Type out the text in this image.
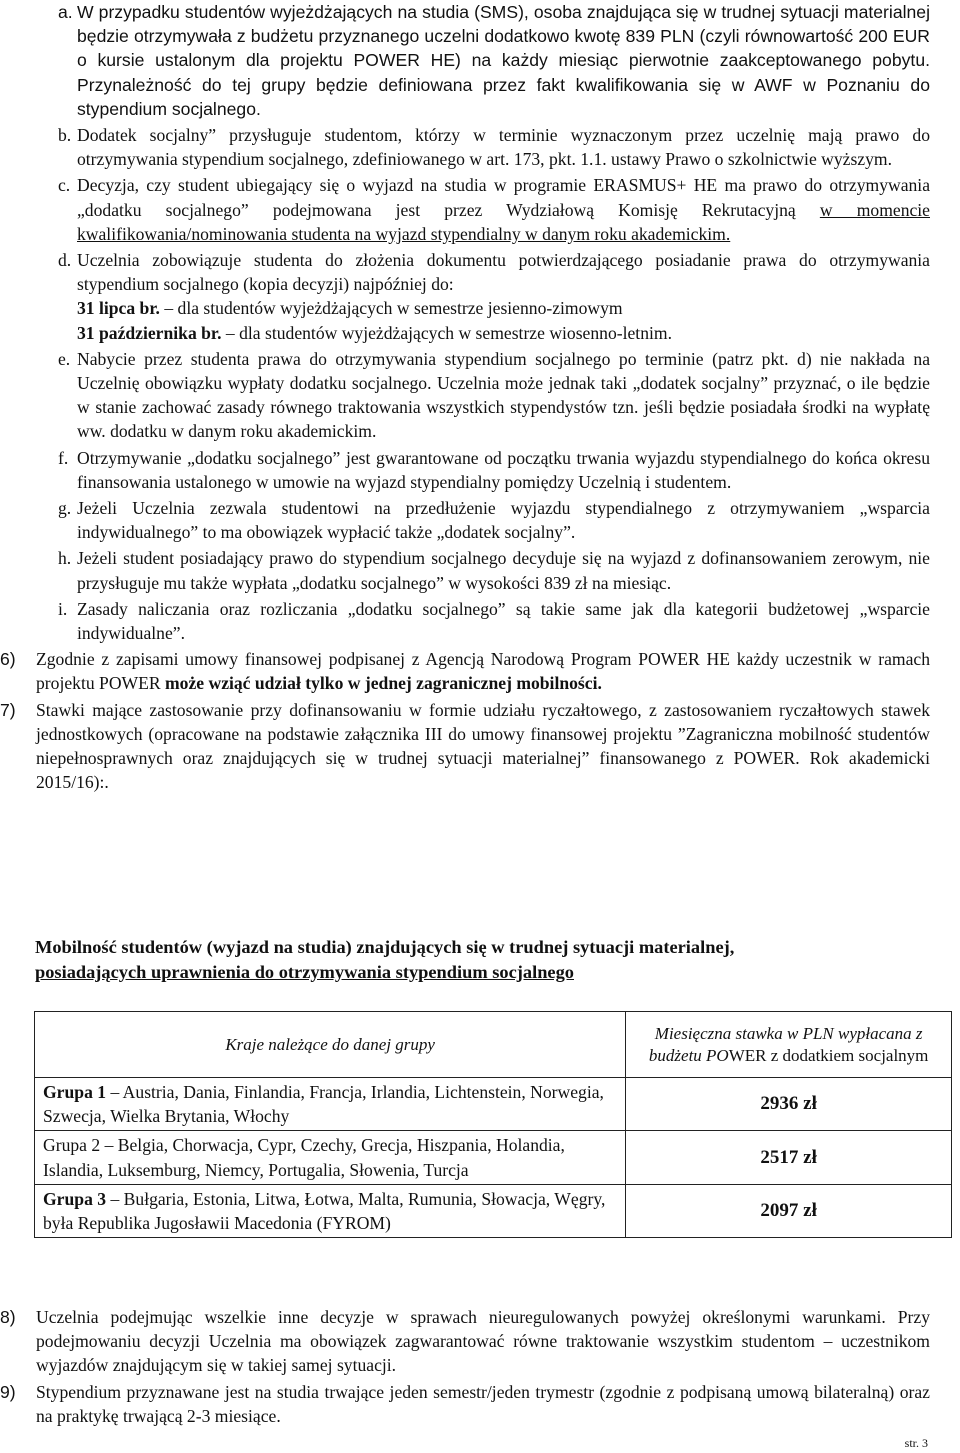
a. W przypadku studentów wyjeżdżających na studia (SMS), osoba znajdująca się w trudnej sytuacji materialnej będzie otrzymywała z budżetu przyznanego uczelni dodatkowo kwotę 839 PLN (czyli równowartość 200 EUR o kursie ustalonym dla projektu POWER HE) na każdy miesiąc pierwotnie zaakceptowanego pobytu. Przynależność do tej grupy będzie definiowana przez fakt kwalifikowania się w AWF w Poznaniu do stypendium socjalnego.

b. Dodatek socjalny” przysługuje studentom, którzy w terminie wyznaczonym przez uczelnię mają prawo do otrzymywania stypendium socjalnego, zdefiniowanego w art. 173, pkt. 1.1. ustawy Prawo o szkolnictwie wyższym.

c. Decyzja, czy student ubiegający się o wyjazd na studia w programie ERASMUS+ HE ma prawo do otrzymywania „dodatku socjalnego” podejmowana jest przez Wydziałową Komisję Rekrutacyjną w momencie kwalifikowania/nominowania studenta na wyjazd stypendialny w danym roku akademickim.

d. Uczelnia zobowiązuje studenta do złożenia dokumentu potwierdzającego posiadanie prawa do otrzymywania stypendium socjalnego (kopia decyzji) najpóźniej do:
31 lipca br. – dla studentów wyjeżdżających w semestrze jesienno-zimowym
31 października br. – dla studentów wyjeżdżających w semestrze wiosenno-letnim.

e. Nabycie przez studenta prawa do otrzymywania stypendium socjalnego po terminie (patrz pkt. d) nie nakłada na Uczelnię obowiązku wypłaty dodatku socjalnego. Uczelnia może jednak taki „dodatek socjalny” przyznać, o ile będzie w stanie zachować zasady równego traktowania wszystkich stypendystów tzn. jeśli będzie posiadała środki na wypłatę ww. dodatku w danym roku akademickim.

f. Otrzymywanie „dodatku socjalnego” jest gwarantowane od początku trwania wyjazdu stypendialnego do końca okresu finansowania ustalonego w umowie na wyjazd stypendialny pomiędzy Uczelnią i studentem.

g. Jeżeli Uczelnia zezwala studentowi na przedłużenie wyjazdu stypendialnego z otrzymywaniem „wsparcia indywidualnego” to ma obowiązek wypłacić także „dodatek socjalny”.

h. Jeżeli student posiadający prawo do stypendium socjalnego decyduje się na wyjazd z dofinansowaniem zerowym, nie przysługuje mu także wypłata „dodatku socjalnego” w wysokości 839 zł na miesiąc.

i. Zasady naliczania oraz rozliczania „dodatku socjalnego” są takie same jak dla kategorii budżetowej „wsparcie indywidualne”.

6) Zgodnie z zapisami umowy finansowej podpisanej z Agencją Narodową Program POWER HE każdy uczestnik w ramach projektu POWER może wziąć udział tylko w jednej zagranicznej mobilności.

7) Stawki mające zastosowanie przy dofinansowaniu w formie udziału ryczałtowego, z zastosowaniem ryczałtowych stawek jednostkowych (opracowane na podstawie załącznika III do umowy finansowej projektu ”Zagraniczna mobilność studentów niepełnosprawnych oraz znajdujących się w trudnej sytuacji materialnej” finansowanego z POWER. Rok akademicki 2015/16):.

Mobilność studentów (wyjazd na studia) znajdujących się w trudnej sytuacji materialnej,
posiadających uprawnienia do otrzymywania stypendium socjalnego
Kraje należące do danej grupy	Miesięczna stawka w PLN wypłacana z budżetu POWER z dodatkiem socjalnym
Grupa 1 – Austria, Dania, Finlandia, Francja, Irlandia, Lichtenstein, Norwegia, Szwecja, Wielka Brytania, Włochy	2936 zł
Grupa 2 – Belgia, Chorwacja, Cypr, Czechy, Grecja, Hiszpania, Holandia, Islandia, Luksemburg, Niemcy, Portugalia, Słowenia, Turcja	2517 zł
Grupa 3 – Bułgaria, Estonia, Litwa, Łotwa, Malta, Rumunia, Słowacja, Węgry, była Republika Jugosławii Macedonia (FYROM)	2097 zł

8) Uczelnia podejmując wszelkie inne decyzje w sprawach nieuregulowanych powyżej określonymi warunkami. Przy podejmowaniu decyzji Uczelnia ma obowiązek zagwarantować równe traktowanie wszystkim studentom – uczestnikom wyjazdów znajdującym się w takiej samej sytuacji.

9) Stypendium przyznawane jest na studia trwające jeden semestr/jeden trymestr (zgodnie z podpisaną umową bilateralną) oraz na praktykę trwającą 2-3 miesiące.

str. 3
